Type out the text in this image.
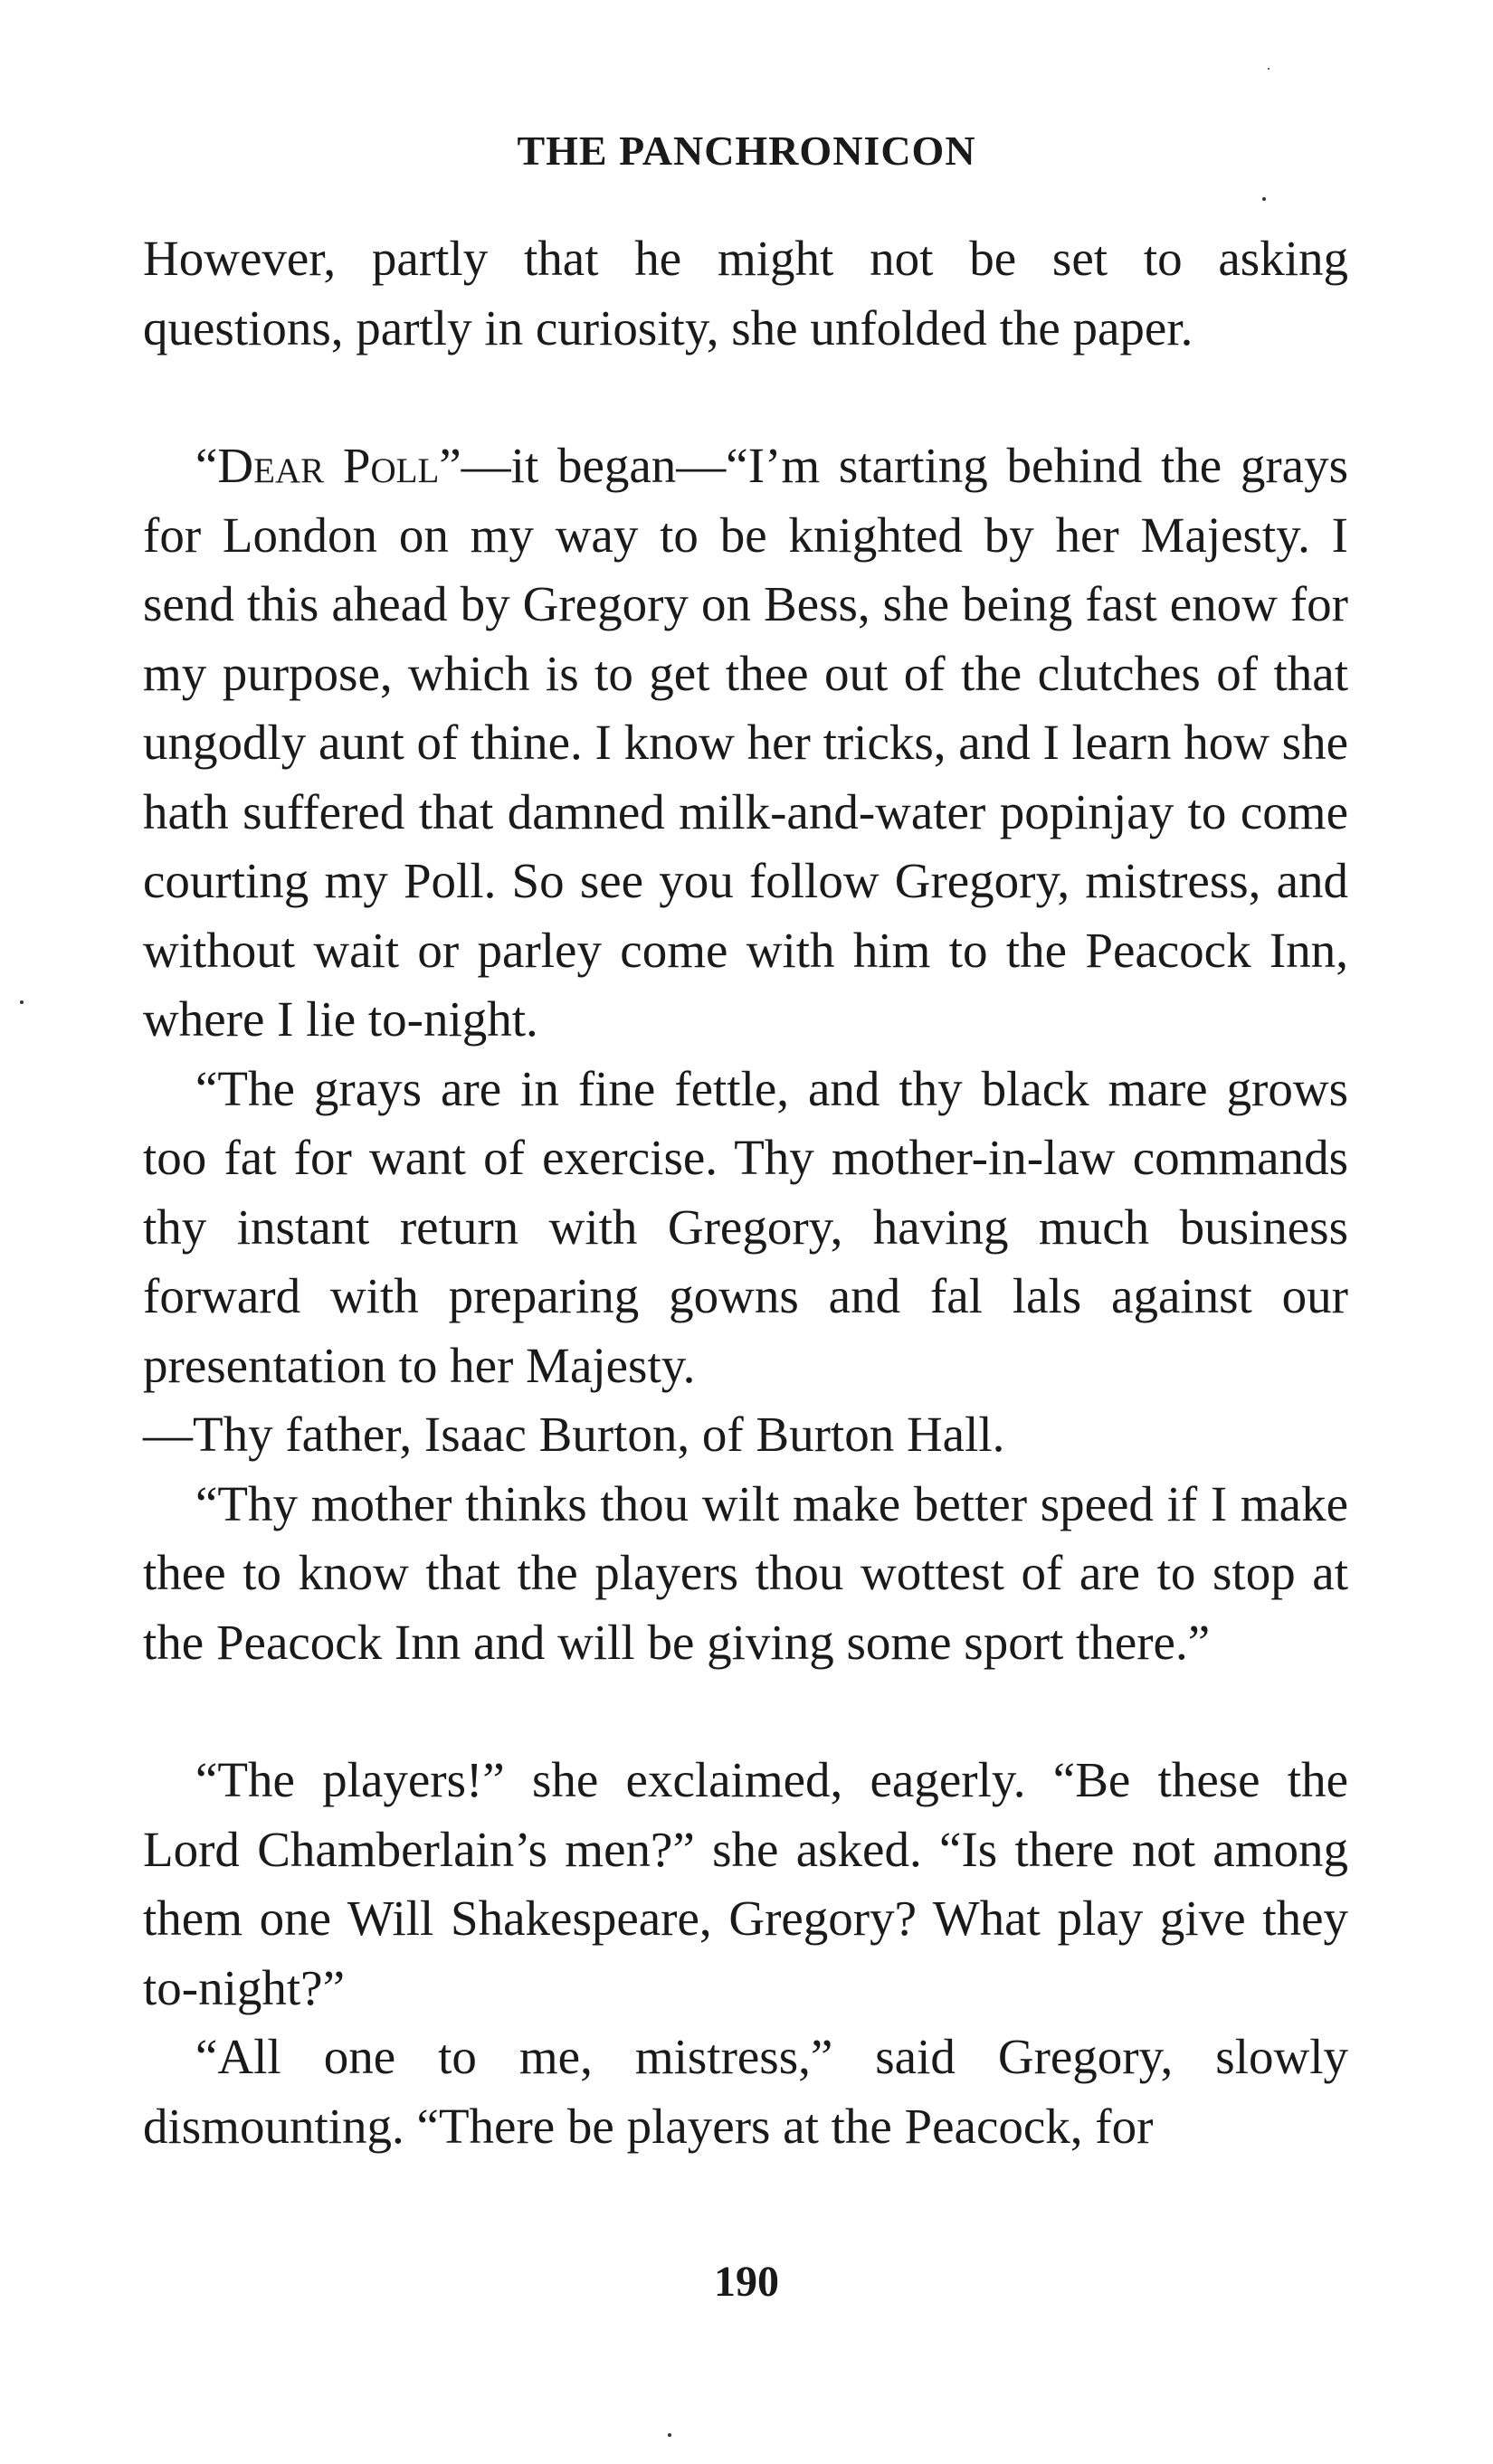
THE PANCHRONICON

However, partly that he might not be set to asking questions, partly in curiosity, she unfolded the paper.

“Dear Poll”—it began—“I’m starting behind the grays for London on my way to be knighted by her Majesty. I send this ahead by Gregory on Bess, she being fast enow for my purpose, which is to get thee out of the clutches of that ungodly aunt of thine. I know her tricks, and I learn how she hath suffered that damned milk-and-water popinjay to come courting my Poll. So see you follow Gregory, mistress, and without wait or parley come with him to the Peacock Inn, where I lie to-night.

“The grays are in fine fettle, and thy black mare grows too fat for want of exercise. Thy mother-in-law commands thy instant return with Gregory, having much business forward with preparing gowns and fal lals against our presentation to her Majesty.

—Thy father, Isaac Burton, of Burton Hall.

“Thy mother thinks thou wilt make better speed if I make thee to know that the players thou wottest of are to stop at the Peacock Inn and will be giving some sport there.”

“The players!” she exclaimed, eagerly. “Be these the Lord Chamberlain’s men?” she asked. “Is there not among them one Will Shakespeare, Gregory? What play give they to-night?”

“All one to me, mistress,” said Gregory, slowly dismounting. “There be players at the Peacock, for

190
